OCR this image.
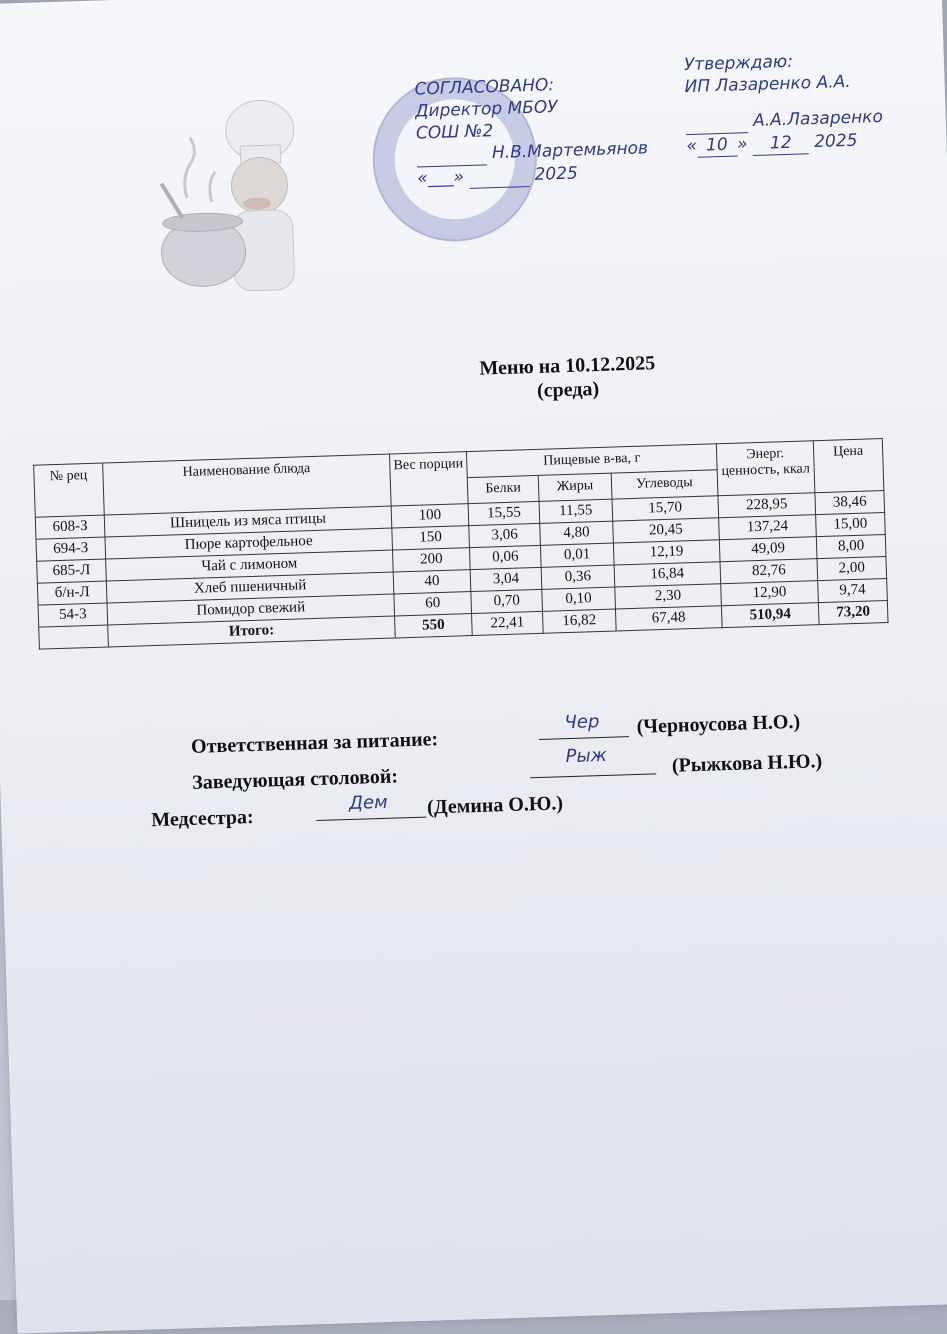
СОГЛАСОВАНО:
Директор МБОУ
СОШ №2
Н.В.Мартемьянов
«___»	2025
Утверждаю:
ИП Лазаренко А.А.
А.А.Лазаренко
« 10 » 12 2025
Меню на 10.12.2025
(среда)
№ рец	Наименование блюда	Вес порции	Пищевые в-ва, г			Энерг. ценность, ккал	Цена
			Белки	Жиры	Углеводы		
608-З	Шницель из мяса птицы	100	15,55	11,55	15,70	228,95	38,46
694-З	Пюре картофельное	150	3,06	4,80	20,45	137,24	15,00
685-Л	Чай с лимоном	200	0,06	0,01	12,19	49,09	8,00
б/н-Л	Хлеб пшеничный	40	3,04	0,36	16,84	82,76	2,00
54-3	Помидор свежий	60	0,70	0,10	2,30	12,90	9,74
	Итого:	550	22,41	16,82	67,48	510,94	73,20
Ответственная за питание:
Чер (Черноусова Н.О.)
Заведующая столовой:
Рыж	(Рыжкова Н.Ю.)
Медсестра:
Дем (Демина О.Ю.)
